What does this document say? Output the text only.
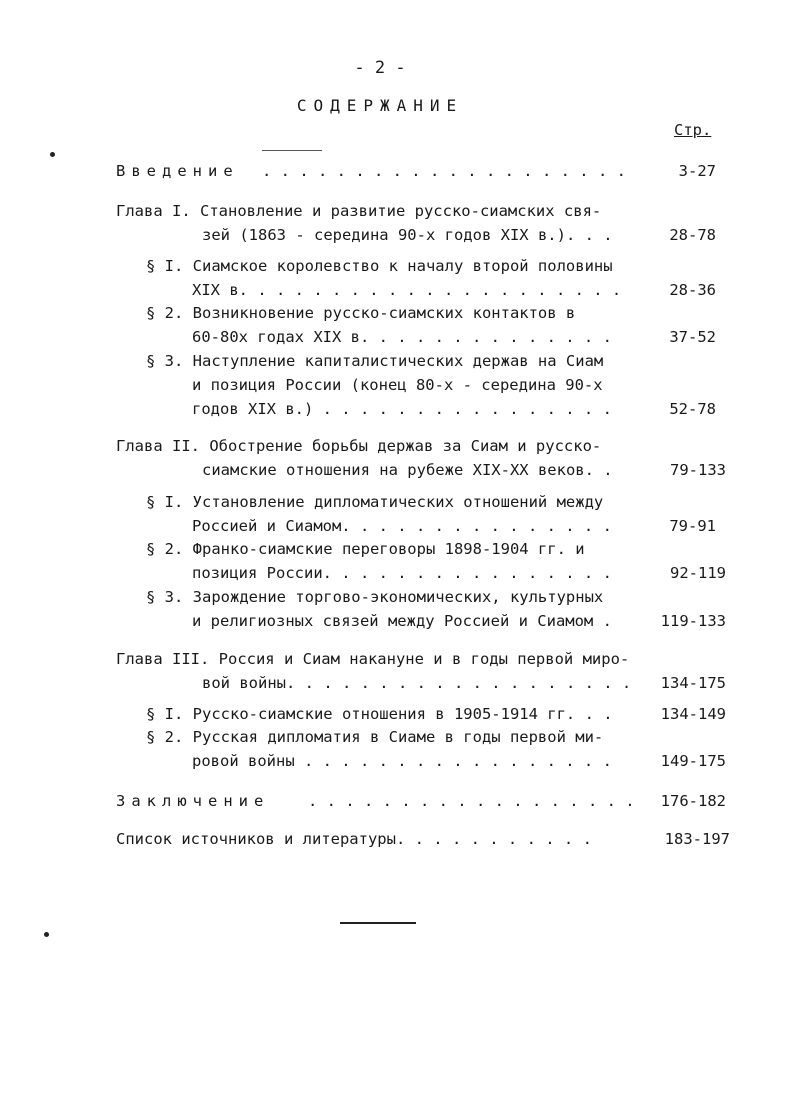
- 2 -
СОДЕРЖАНИЕ
Стр.
Введение . . . . . . . . . . . . . . . . . . . .	3-27
Глава I. Становление и развитие русско-сиамских свя-
зей (1863 - середина 90-х годов XIX в.). . .	28-78
§ I. Сиамское королевство к началу второй половины
XIX в. . . . . . . . . . . . . . . . . . . . .	28-36
§ 2. Возникновение русско-сиамских контактов в
60-80х годах XIX в. . . . . . . . . . . . . .	37-52
§ 3. Наступление капиталистических держав на Сиам
и позиция России (конец 80-х - середина 90-х
годов XIX в.) . . . . . . . . . . . . . . . .	52-78
Глава II. Обострение борьбы держав за Сиам и русско-
сиамские отношения на рубеже XIX-XX веков. .	79-133
§ I. Установление дипломатических отношений между
Россией и Сиамом. . . . . . . . . . . . . . .	79-91
§ 2. Франко-сиамские переговоры 1898-1904 гг. и
позиция России. . . . . . . . . . . . . . . .	92-119
§ 3. Зарождение торгово-экономических, культурных
и религиозных связей между Россией и Сиамом .	119-133
Глава III. Россия и Сиам накануне и в годы первой миро-
вой войны. . . . . . . . . . . . . . . . . . .	134-175
§ I. Русско-сиамские отношения в 1905-1914 гг. . .	134-149
§ 2. Русская дипломатия в Сиаме в годы первой ми-
ровой войны . . . . . . . . . . . . . . . . .	149-175
Заключение . . . . . . . . . . . . . . . . . .	176-182
Список источников и литературы. . . . . . . . . . .	183-197
